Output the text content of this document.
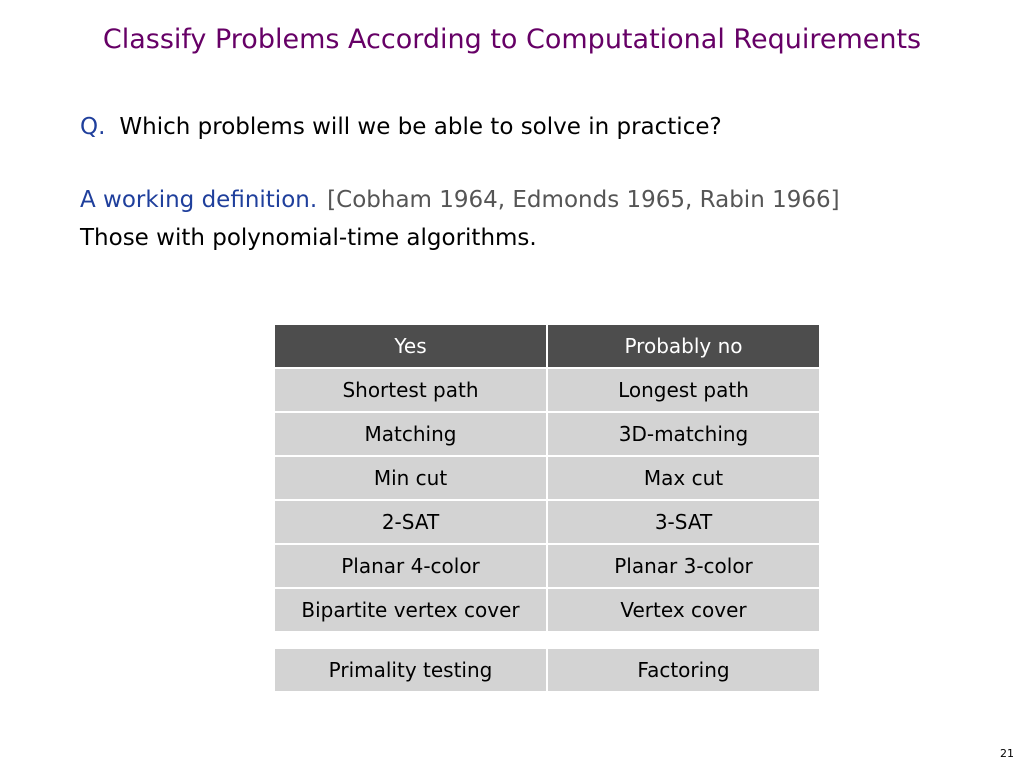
Classify Problems According to Computational Requirements
Q. Which problems will we be able to solve in practice?
A working definition. [Cobham 1964, Edmonds 1965, Rabin 1966]
Those with polynomial-time algorithms.
Yes	Probably no
Shortest path	Longest path
Matching	3D-matching
Min cut	Max cut
2-SAT	3-SAT
Planar 4-color	Planar 3-color
Bipartite vertex cover	Vertex cover
Primality testing	Factoring
21
